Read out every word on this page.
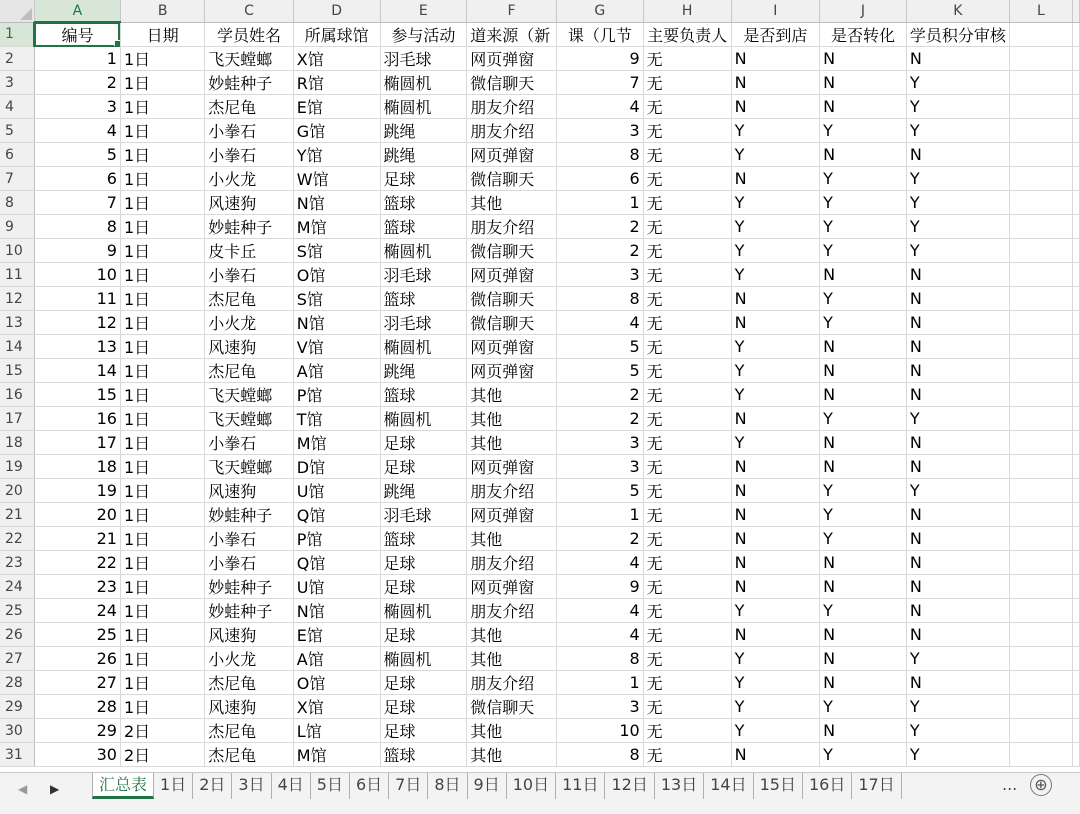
	A	B	C	D	E	F	G	H	I	J	K	L	
1	编号	日期	学员姓名	所属球馆	参与活动	道来源（新	课（几节	主要负责人	是否到店	是否转化	学员积分审核		
2	1	1日	飞天螳螂	X馆	羽毛球	网页弹窗	9	无	N	N	N		
3	2	1日	妙蛙种子	R馆	椭圆机	微信聊天	7	无	N	N	Y		
4	3	1日	杰尼龟	E馆	椭圆机	朋友介绍	4	无	N	N	Y		
5	4	1日	小拳石	G馆	跳绳	朋友介绍	3	无	Y	Y	Y		
6	5	1日	小拳石	Y馆	跳绳	网页弹窗	8	无	Y	N	N		
7	6	1日	小火龙	W馆	足球	微信聊天	6	无	N	Y	Y		
8	7	1日	风速狗	N馆	篮球	其他	1	无	Y	Y	Y		
9	8	1日	妙蛙种子	M馆	篮球	朋友介绍	2	无	Y	Y	Y		
10	9	1日	皮卡丘	S馆	椭圆机	微信聊天	2	无	Y	Y	Y		
11	10	1日	小拳石	O馆	羽毛球	网页弹窗	3	无	Y	N	N		
12	11	1日	杰尼龟	S馆	篮球	微信聊天	8	无	N	Y	N		
13	12	1日	小火龙	N馆	羽毛球	微信聊天	4	无	N	Y	N		
14	13	1日	风速狗	V馆	椭圆机	网页弹窗	5	无	Y	N	N		
15	14	1日	杰尼龟	A馆	跳绳	网页弹窗	5	无	Y	N	N		
16	15	1日	飞天螳螂	P馆	篮球	其他	2	无	Y	N	N		
17	16	1日	飞天螳螂	T馆	椭圆机	其他	2	无	N	Y	Y		
18	17	1日	小拳石	M馆	足球	其他	3	无	Y	N	N		
19	18	1日	飞天螳螂	D馆	足球	网页弹窗	3	无	N	N	N		
20	19	1日	风速狗	U馆	跳绳	朋友介绍	5	无	N	Y	Y		
21	20	1日	妙蛙种子	Q馆	羽毛球	网页弹窗	1	无	N	Y	N		
22	21	1日	小拳石	P馆	篮球	其他	2	无	N	Y	N		
23	22	1日	小拳石	Q馆	足球	朋友介绍	4	无	N	N	N		
24	23	1日	妙蛙种子	U馆	足球	网页弹窗	9	无	N	N	N		
25	24	1日	妙蛙种子	N馆	椭圆机	朋友介绍	4	无	Y	Y	N		
26	25	1日	风速狗	E馆	足球	其他	4	无	N	N	N		
27	26	1日	小火龙	A馆	椭圆机	其他	8	无	Y	N	Y		
28	27	1日	杰尼龟	O馆	足球	朋友介绍	1	无	Y	N	N		
29	28	1日	风速狗	X馆	足球	微信聊天	3	无	Y	Y	Y		
30	29	2日	杰尼龟	L馆	足球	其他	10	无	Y	N	Y		
31	30	2日	杰尼龟	M馆	篮球	其他	8	无	N	Y	Y		
◀ ▶	汇总表 1日 2日 3日 4日 5日 6日 7日 8日 9日 10日 11日 12日 13日 14日 15日 16日 17日	... ⊕
